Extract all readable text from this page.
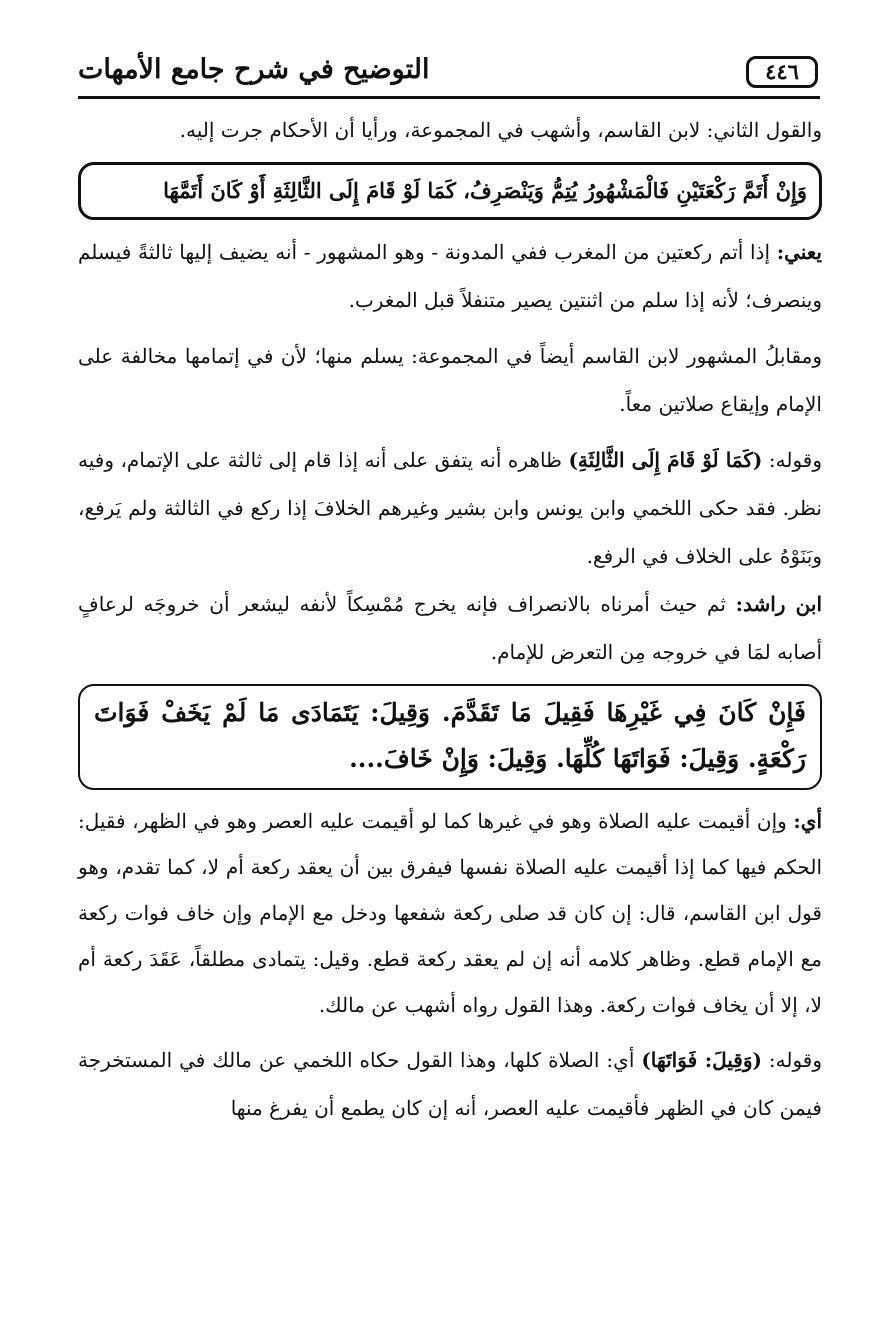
التوضيح في شرح جامع الأمهات	٤٤٦

والقول الثاني: لابن القاسم، وأشهب في المجموعة، ورأيا أن الأحكام جرت إليه.

وَإِنْ أَتَمَّ رَكْعَتَيْنِ فَالْمَشْهُورُ يُتِمُّ وَيَنْصَرِفُ، كَمَا لَوْ قَامَ إِلَى الثَّالِثَةِ أَوْ كَانَ أَتَمَّهَا

يعني: إذا أتم ركعتين من المغرب ففي المدونة - وهو المشهور - أنه يضيف إليها ثالثةً فيسلم وينصرف؛ لأنه إذا سلم من اثنتين يصير متنفلاً قبل المغرب.

ومقابلُ المشهور لابن القاسم أيضاً في المجموعة: يسلم منها؛ لأن في إتمامها مخالفة على الإمام وإيقاع صلاتين معاً.

وقوله: (كَمَا لَوْ قَامَ إِلَى الثَّالِثَةِ) ظاهره أنه يتفق على أنه إذا قام إلى ثالثة على الإتمام، وفيه نظر. فقد حكى اللخمي وابن يونس وابن بشير وغيرهم الخلافَ إذا ركع في الثالثة ولم يَرفع، وبَنَوْهُ على الخلاف في الرفع.

ابن راشد: ثم حيث أمرناه بالانصراف فإنه يخرج مُمْسِكاً لأنفه ليشعر أن خروجَه لرعافٍ أصابه لمَا في خروجه مِن التعرض للإمام.

فَإِنْ كَانَ فِي غَيْرِهَا فَقِيلَ مَا تَقَدَّمَ. وَقِيلَ: يَتَمَادَى مَا لَمْ يَخَفْ فَوَاتَ رَكْعَةٍ. وَقِيلَ: فَوَاتَهَا كُلِّهَا. وَقِيلَ: وَإِنْ خَافَ....

أي: وإن أقيمت عليه الصلاة وهو في غيرها كما لو أقيمت عليه العصر وهو في الظهر، فقيل: الحكم فيها كما إذا أقيمت عليه الصلاة نفسها فيفرق بين أن يعقد ركعة أم لا، كما تقدم، وهو قول ابن القاسم، قال: إن كان قد صلى ركعة شفعها ودخل مع الإمام وإن خاف فوات ركعة مع الإمام قطع. وظاهر كلامه أنه إن لم يعقد ركعة قطع. وقيل: يتمادى مطلقاً، عَقَدَ ركعة أم لا، إلا أن يخاف فوات ركعة. وهذا القول رواه أشهب عن مالك.

وقوله: (وَقِيلَ: فَوَاتَهَا) أي: الصلاة كلها، وهذا القول حكاه اللخمي عن مالك في المستخرجة فيمن كان في الظهر فأقيمت عليه العصر، أنه إن كان يطمع أن يفرغ منها
